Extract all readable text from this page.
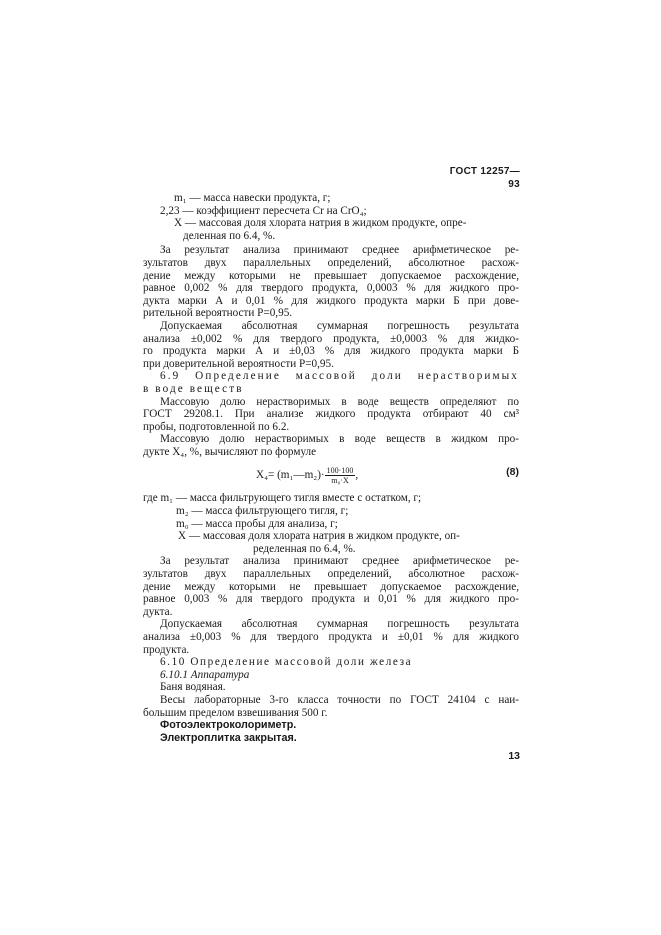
ГОСТ 12257—93
m₁ — масса навески продукта, г;
2,23 — коэффициент пересчета Cr на CrO₄;
X — массовая доля хлората натрия в жидком продукте, опре-
деленная по 6.4, %.
За результат анализа принимают среднее арифметическое ре-
зультатов двух параллельных определений, абсолютное расхож-
дение между которыми не превышает допускаемое расхождение,
равное 0,002 % для твердого продукта, 0,0003 % для жидкого про-
дукта марки А и 0,01 % для жидкого продукта марки Б при дове-
рительной вероятности P=0,95.
Допускаемая абсолютная суммарная погрешность результата
анализа ±0,002 % для твердого продукта, ±0,0003 % для жидко-
го продукта марки А и ±0,03 % для жидкого продукта марки Б
при доверительной вероятности P=0,95.
6.9 Определение массовой доли нерастворимых
в воде веществ
Массовую долю нерастворимых в воде веществ определяют по
ГОСТ 29208.1. При анализе жидкого продукта отбирают 40 см³
пробы, подготовленной по 6.2.
Массовую долю нерастворимых в воде веществ в жидком про-
дукте X₄, %, вычисляют по формуле
X₄= (m₁—m₂)· $\frac{100\cdot 100}{\text{m₀·X}}$ ,	(8)
где m₁ — масса фильтрующего тигля вместе с остатком, г;
m₂ — масса фильтрующего тигля, г;
m₀ — масса пробы для анализа, г;
X — массовая доля хлората натрия в жидком продукте, оп-
ределенная по 6.4, %.
За результат анализа принимают среднее арифметическое ре-
зультатов двух параллельных определений, абсолютное расхож-
дение между которыми не превышает допускаемое расхождение,
равное 0,003 % для твердого продукта и 0,01 % для жидкого про-
дукта.
Допускаемая абсолютная суммарная погрешность результата
анализа ±0,003 % для твердого продукта и ±0,01 % для жидкого
продукта.
6.10 Определение массовой доли железа
6.10.1 Аппаратура
Баня водяная.
Весы лабораторные 3-го класса точности по ГОСТ 24104 с наи-
большим пределом взвешивания 500 г.
Фотоэлектроколориметр.
Электроплитка закрытая.
13
